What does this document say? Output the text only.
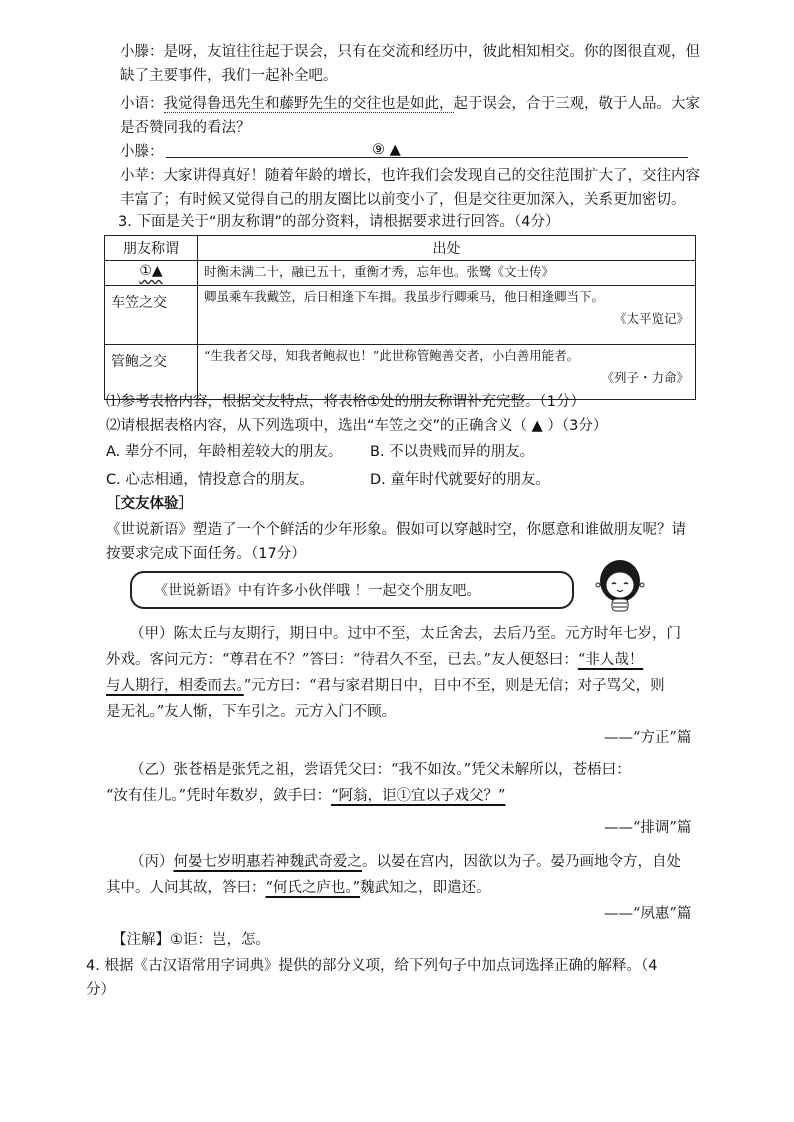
小滕：是呀，友谊往往起于误会，只有在交流和经历中，彼此相知相交。你的图很直观，但
缺了主要事件，我们一起补全吧。
小语：我觉得鲁迅先生和藤野先生的交往也是如此，起于误会，合于三观，敬于人品。大家
是否赞同我的看法？
小滕：	⑨ ▲
小苹：大家讲得真好！随着年龄的增长，也许我们会发现自己的交往范围扩大了，交往内容
丰富了；有时候又觉得自己的朋友圈比以前变小了，但是交往更加深入，关系更加密切。
3. 下面是关于“朋友称谓”的部分资料，请根据要求进行回答。（4分）
朋友称谓	出处
①▲	时衡未满二十，融已五十，重衡才秀，忘年也。张鹭《文士传》
车笠之交	卿虽乘车我戴笠，后日相逢下车揖。我虽步行卿乘马，他日相逢卿当下。
《太平览记》

管鲍之交	“生我者父母，知我者鲍叔也！”此世称管鲍善交者，小白善用能者。
《列子・力命》
⑴参考表格内容，根据交友特点，将表格①处的朋友称谓补充完整。（1分）
⑵请根据表格内容，从下列选项中，选出“车笠之交”的正确含义（ ▲ ）（3分）
A. 辈分不同，年龄相差较大的朋友。 B. 不以贵贱而异的朋友。
C. 心志相通，情投意合的朋友。	D. 童年时代就要好的朋友。
［交友体验］
《世说新语》塑造了一个个鲜活的少年形象。假如可以穿越时空，你愿意和谁做朋友呢？请
按要求完成下面任务。（17分）
《世说新语》中有许多小伙伴哦 ！一起交个朋友吧。
（甲）陈太丘与友期行，期日中。过中不至，太丘舍去，去后乃至。元方时年七岁，门
外戏。客问元方：“尊君在不？”答曰：“待君久不至，已去。”友人便怒曰：“非人哉！
与人期行，相委而去。”元方曰：“君与家君期日中，日中不至，则是无信；对子骂父，则
是无礼。”友人惭，下车引之。元方入门不顾。
——“方正”篇
（乙）张苍梧是张凭之祖，尝语凭父曰：“我不如汝。”凭父未解所以，苍梧曰：
“汝有佳儿。”凭时年数岁，敛手曰：“阿翁，讵①宜以子戏父？”
——“排调”篇
（丙）何晏七岁明惠若神魏武奇爱之。以晏在宫内，因欲以为子。晏乃画地令方，自处
其中。人问其故，答曰：“何氏之庐也。”魏武知之，即遣还。
——“夙惠”篇
【注解】①讵：岂，怎。
4. 根据《古汉语常用字词典》提供的部分义项，给下列句子中加点词选择正确的解释。（4
分）
